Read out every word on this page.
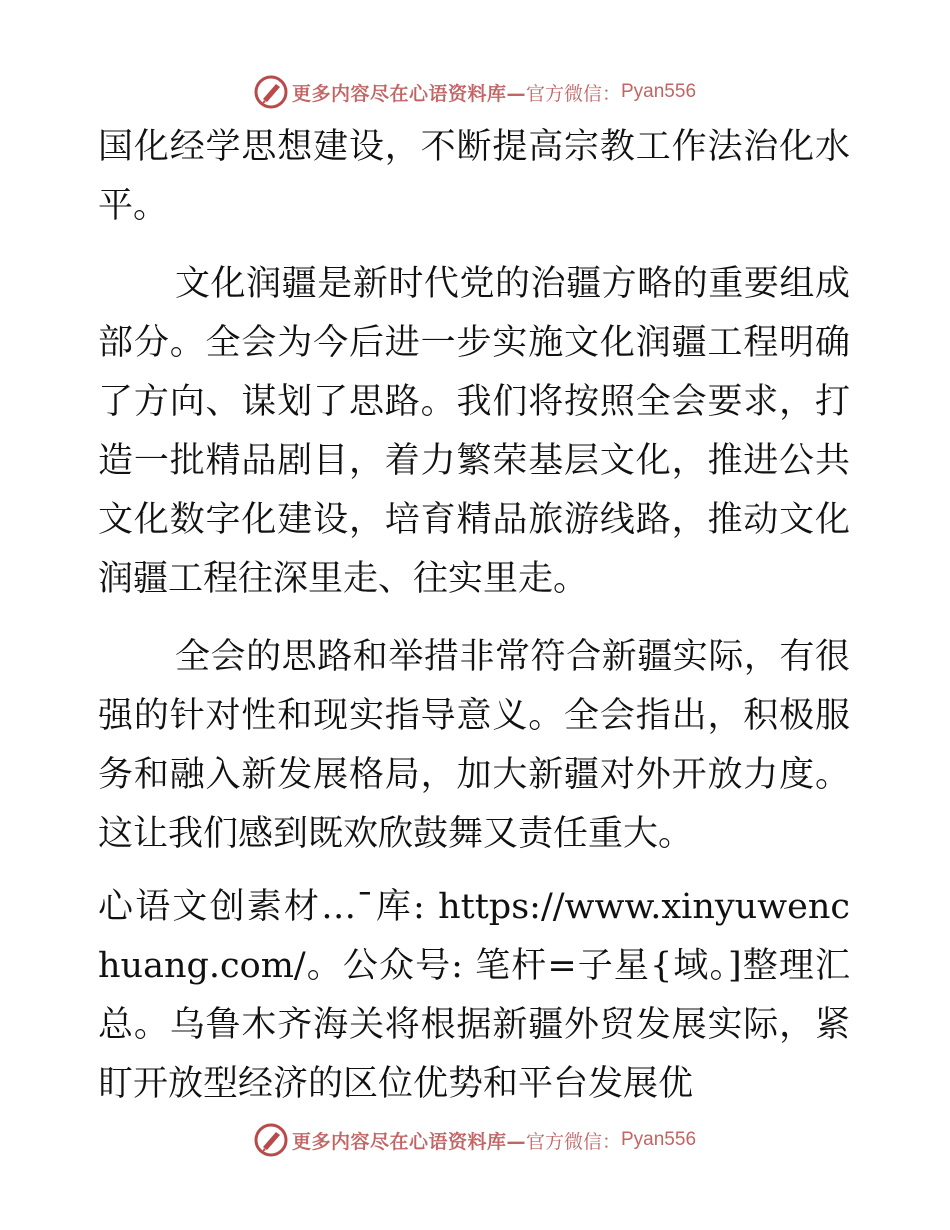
更多内容尽在心语资料库— 官方微信： Pyan556

国化经学思想建设，不断提高宗教工作法治化水平。

文化润疆是新时代党的治疆方略的重要组成部分。全会为今后进一步实施文化润疆工程明确了方向、谋划了思路。我们将按照全会要求，打造一批精品剧目，着力繁荣基层文化，推进公共文化数字化建设，培育精品旅游线路，推动文化润疆工程往深里走、往实里走。

全会的思路和举措非常符合新疆实际，有很强的针对性和现实指导意义。全会指出，积极服务和融入新发展格局，加大新疆对外开放力度。这让我们感到既欢欣鼓舞又责任重大。

心语文创素材…¯库: https://www.xinyuwenchuang.com/。公众号: 笔杆=子星{域。]整理汇总。乌鲁木齐海关将根据新疆外贸发展实际，紧盯开放型经济的区位优势和平台发展优

更多内容尽在心语资料库— 官方微信： Pyan556
